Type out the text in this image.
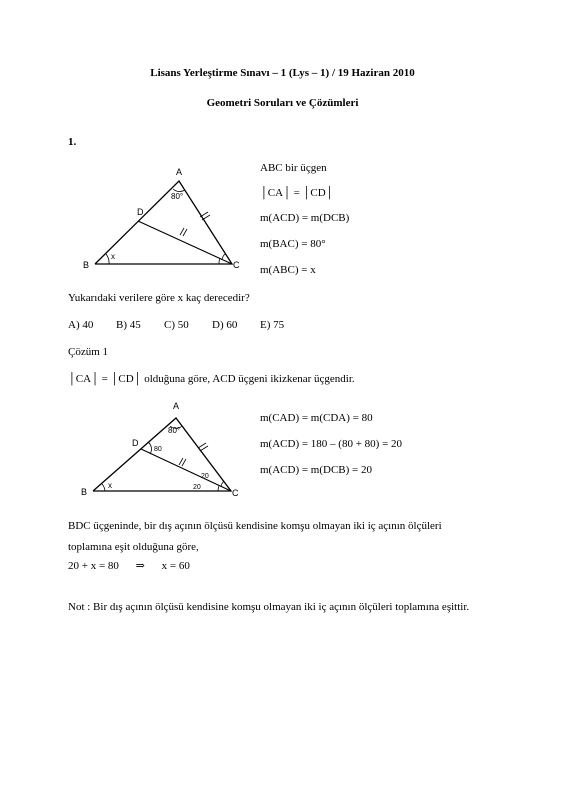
Lisans Yerleştirme Sınavı – 1 (Lys – 1) / 19 Haziran 2010
Geometri Soruları ve Çözümleri
1.
A
B	C
D
80°
x
ABC bir üçgen
│CA│ = │CD│
m(ACD) = m(DCB)
m(BAC) = 80°
m(ABC) = x
Yukarıdaki verilere göre x kaç derecedir?
A) 40 B) 45 C) 50 D) 60 E) 75
Çözüm 1
│CA│ = │CD│ olduğuna göre, ACD üçgeni ikizkenar üçgendir.
A
B	C
D
80°
80
20
20
x
m(CAD) = m(CDA) = 80
m(ACD) = 180 – (80 + 80) = 20
m(ACD) = m(DCB) = 20
BDC üçgeninde, bir dış açının ölçüsü kendisine komşu olmayan iki iç açının ölçüleri
toplamına eşit olduğuna göre,
20 + x = 80 ⇒ x = 60
Not : Bir dış açının ölçüsü kendisine komşu olmayan iki iç açının ölçüleri toplamına eşittir.
